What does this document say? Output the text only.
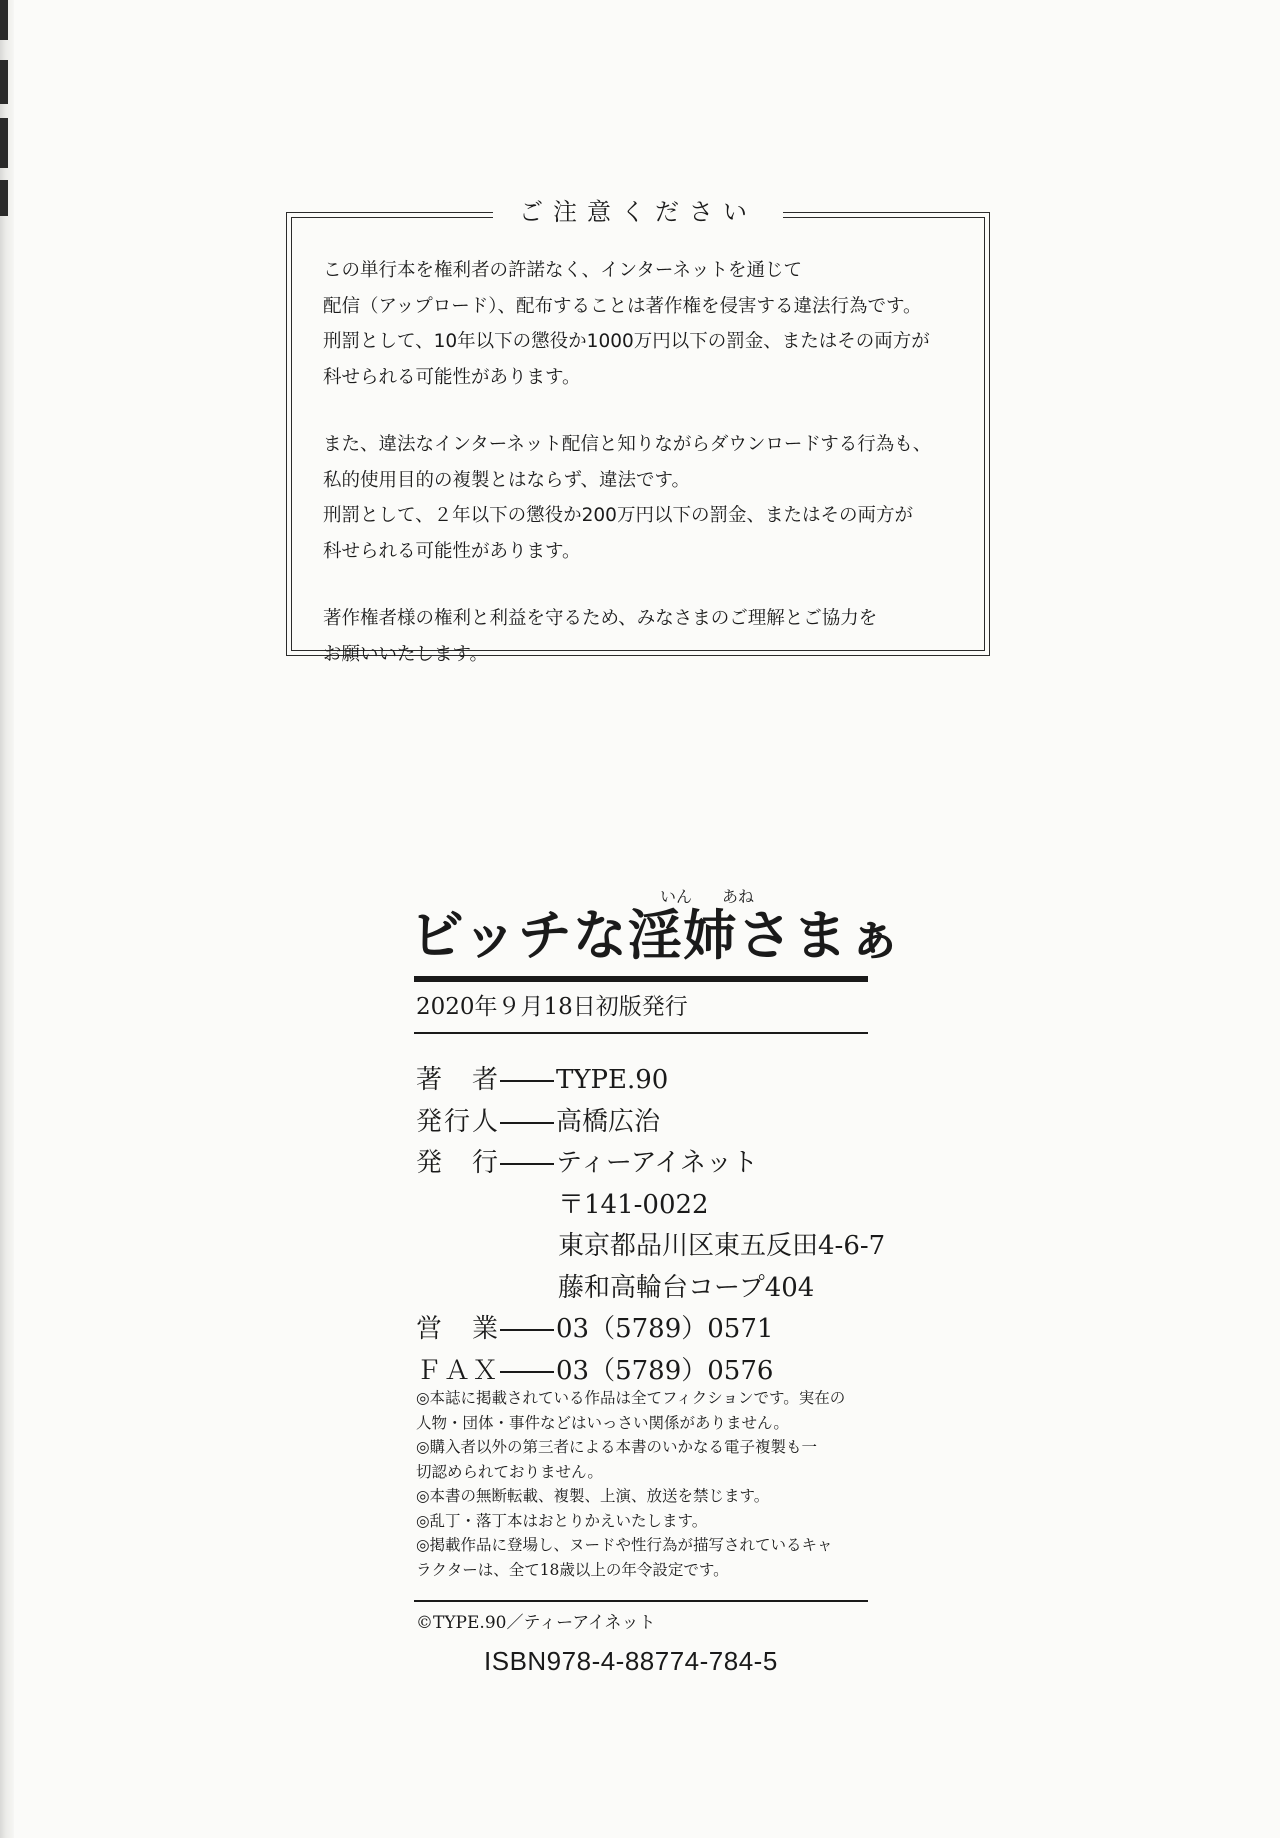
ご注意ください

この単行本を権利者の許諾なく、インターネットを通じて
配信（アップロード）、配布することは著作権を侵害する違法行為です。
刑罰として、10年以下の懲役か1000万円以下の罰金、またはその両方が
科せられる可能性があります。

また、違法なインターネット配信と知りながらダウンロードする行為も、
私的使用目的の複製とはならず、違法です。
刑罰として、２年以下の懲役か200万円以下の罰金、またはその両方が
科せられる可能性があります。

著作権者様の権利と利益を守るため、みなさまのご理解とご協力を
お願いいたします。

いん あね
ビッチな淫姉さまぁ
2020年９月18日初版発行
著者 TYPE.90
発行人 高橋広治
発行 ティーアイネット
〒141-0022
東京都品川区東五反田4-6-7
藤和高輪台コープ404
営業 03（5789）0571
ＦＡＸ 03（5789）0576
◎本誌に掲載されている作品は全てフィクションです。実在の
人物・団体・事件などはいっさい関係がありません。
◎購入者以外の第三者による本書のいかなる電子複製も一
切認められておりません。
◎本書の無断転載、複製、上演、放送を禁じます。
◎乱丁・落丁本はおとりかえいたします。
◎掲載作品に登場し、ヌードや性行為が描写されているキャ
ラクターは、全て18歳以上の年令設定です。
©TYPE.90／ティーアイネット
ISBN978-4-88774-784-5
